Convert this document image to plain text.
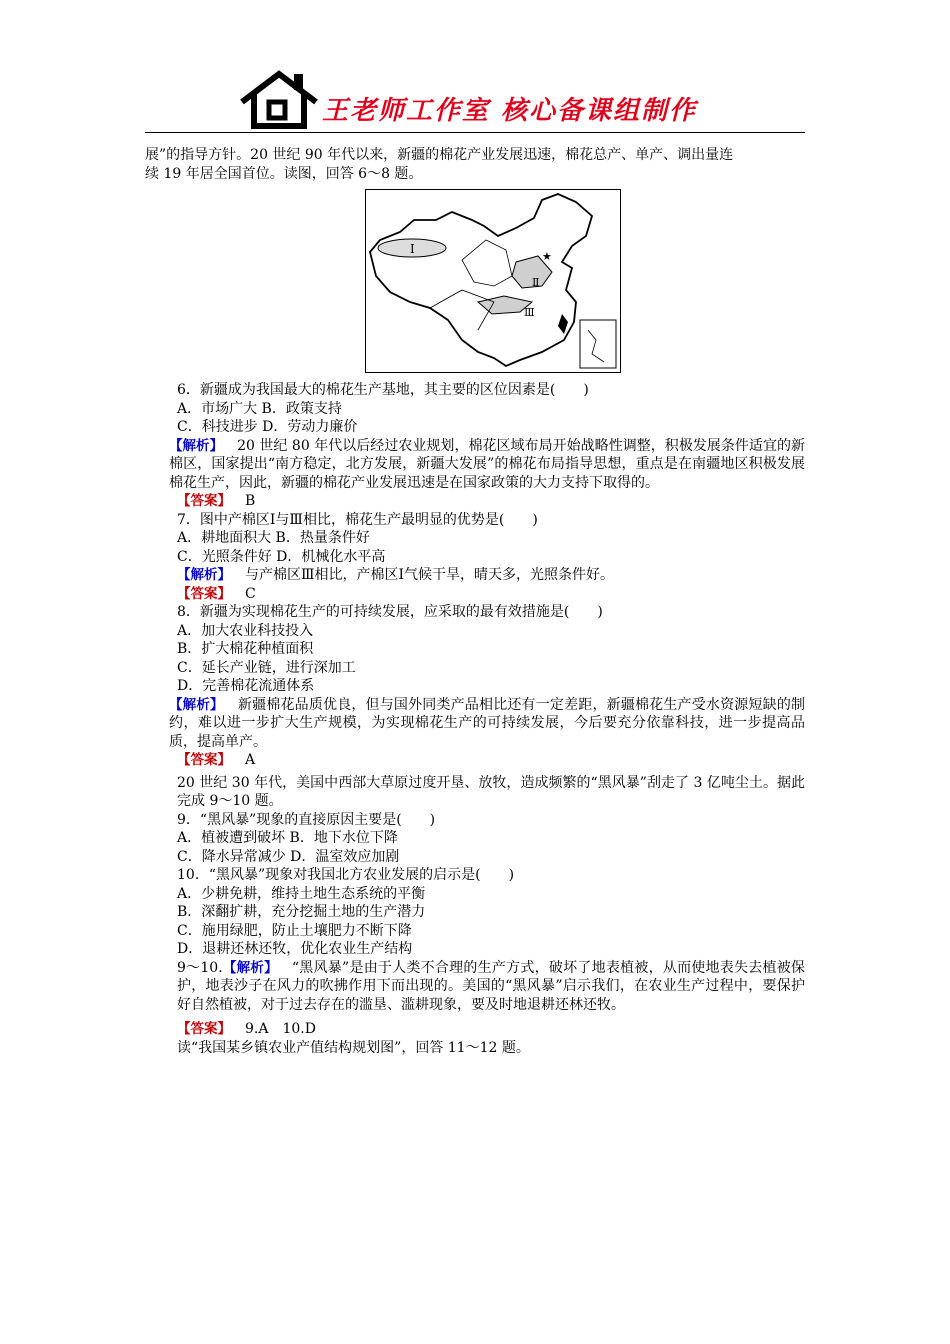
王老师工作室 核心备课组制作

展”的指导方针。20 世纪 90 年代以来，新疆的棉花产业发展迅速，棉花总产、单产、调出量连

续 19 年居全国首位。读图，回答 6～8 题。

Ⅰ
Ⅱ
Ⅲ
★

6．新疆成为我国最大的棉花生产基地，其主要的区位因素是(　　)

A．市场广大 B．政策支持

C．科技进步 D．劳动力廉价

【解析】 20 世纪 80 年代以后经过农业规划，棉花区域布局开始战略性调整，积极发展条件适宜的新棉区，国家提出“南方稳定，北方发展，新疆大发展”的棉花布局指导思想，重点是在南疆地区积极发展棉花生产，因此，新疆的棉花产业发展迅速是在国家政策的大力支持下取得的。

【答案】 B

7．图中产棉区Ⅰ与Ⅲ相比，棉花生产最明显的优势是(　　)

A．耕地面积大 B．热量条件好

C．光照条件好 D．机械化水平高

【解析】 与产棉区Ⅲ相比，产棉区Ⅰ气候干旱，晴天多，光照条件好。

【答案】 C

8．新疆为实现棉花生产的可持续发展，应采取的最有效措施是(　　)

A．加大农业科技投入

B．扩大棉花种植面积

C．延长产业链，进行深加工

D．完善棉花流通体系

【解析】 新疆棉花品质优良，但与国外同类产品相比还有一定差距，新疆棉花生产受水资源短缺的制约，难以进一步扩大生产规模，为实现棉花生产的可持续发展，今后要充分依靠科技，进一步提高品质，提高单产。

【答案】 A

20 世纪 30 年代，美国中西部大草原过度开垦、放牧，造成频繁的“黑风暴”刮走了 3 亿吨尘土。据此完成 9～10 题。

9．“黑风暴”现象的直接原因主要是(　　)

A．植被遭到破坏 B．地下水位下降

C．降水异常减少 D．温室效应加剧

10．“黑风暴”现象对我国北方农业发展的启示是(　　)

A．少耕免耕，维持土地生态系统的平衡

B．深翻扩耕，充分挖掘土地的生产潜力

C．施用绿肥，防止土壤肥力不断下降

D．退耕还林还牧，优化农业生产结构

9～10.【解析】 “黑风暴”是由于人类不合理的生产方式，破坏了地表植被，从而使地表失去植被保护，地表沙子在风力的吹拂作用下而出现的。美国的“黑风暴”启示我们，在农业生产过程中，要保护好自然植被，对于过去存在的滥垦、滥耕现象，要及时地退耕还林还牧。

【答案】 9.A　10.D

读“我国某乡镇农业产值结构规划图”，回答 11～12 题。
